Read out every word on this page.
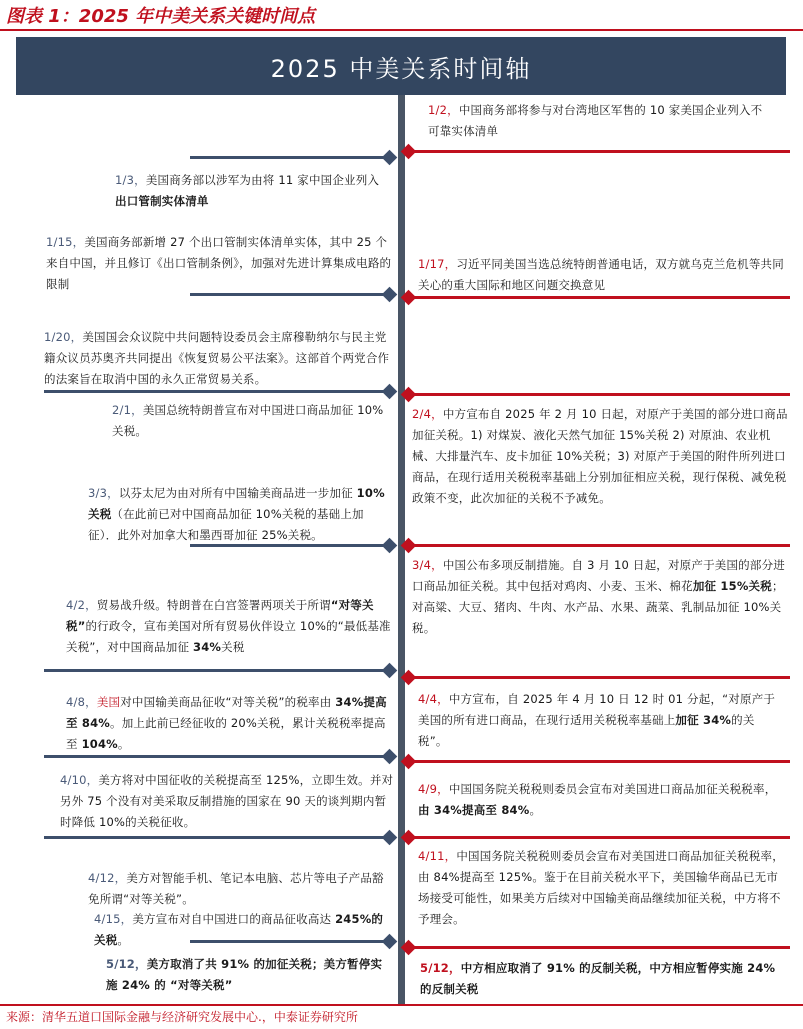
图表 1：2025 年中美关系关键时间点
2025 中美关系时间轴
1/2，中国商务部将参与对台湾地区军售的 10 家美国企业列入不可靠实体清单
1/17，习近平同美国当选总统特朗普通电话，双方就乌克兰危机等共同关心的重大国际和地区问题交换意见
2/4，中方宣布自 2025 年 2 月 10 日起，对原产于美国的部分进口商品加征关税。1) 对煤炭、液化天然气加征 15%关税 2) 对原油、农业机械、大排量汽车、皮卡加征 10%关税；3) 对原产于美国的附件所列进口商品，在现行适用关税税率基础上分别加征相应关税，现行保税、减免税政策不变，此次加征的关税不予减免。
3/4，中国公布多项反制措施。自 3 月 10 日起，对原产于美国的部分进口商品加征关税。其中包括对鸡肉、小麦、玉米、棉花加征 15%关税；对高粱、大豆、猪肉、牛肉、水产品、水果、蔬菜、乳制品加征 10%关税。
4/4，中方宣布，自 2025 年 4 月 10 日 12 时 01 分起，“对原产于美国的所有进口商品，在现行适用关税税率基础上加征 34%的关税”。
4/9，中国国务院关税税则委员会宣布对美国进口商品加征关税税率，由 34%提高至 84%。
4/11，中国国务院关税税则委员会宣布对美国进口商品加征关税税率，由 84%提高至 125%。鉴于在目前关税水平下，美国输华商品已无市场接受可能性，如果美方后续对中国输美商品继续加征关税，中方将不予理会。
5/12，中方相应取消了 91% 的反制关税，中方相应暂停实施 24% 的反制关税
1/3，美国商务部以涉军为由将 11 家中国企业列入出口管制实体清单
1/15，美国商务部新增 27 个出口管制实体清单实体，其中 25 个来自中国，并且修订《出口管制条例》，加强对先进计算集成电路的限制
1/20，美国国会众议院中共问题特设委员会主席穆勒纳尔与民主党籍众议员苏奥齐共同提出《恢复贸易公平法案》。这部首个两党合作的法案旨在取消中国的永久正常贸易关系。
2/1，美国总统特朗普宣布对中国进口商品加征 10%关税。
3/3，以芬太尼为由对所有中国输美商品进一步加征 10%关税（在此前已对中国商品加征 10%关税的基础上加征）．此外对加拿大和墨西哥加征 25%关税。
4/2，贸易战升级。特朗普在白宫签署两项关于所谓“对等关税”的行政令，宣布美国对所有贸易伙伴设立 10%的“最低基准关税”，对中国商品加征 34%关税
4/8，美国对中国输美商品征收“对等关税”的税率由 34%提高至 84%。加上此前已经征收的 20%关税，累计关税税率提高至 104%。
4/10，美方将对中国征收的关税提高至 125%，立即生效。并对另外 75 个没有对美采取反制措施的国家在 90 天的谈判期内暂时降低 10%的关税征收。
4/12，美方对智能手机、笔记本电脑、芯片等电子产品豁免所谓“对等关税”。
4/15，美方宣布对自中国进口的商品征收高达 245%的关税。
5/12，美方取消了共 91% 的加征关税；美方暂停实施 24% 的 “对等关税”
来源：清华五道口国际金融与经济研究发展中心.，中泰证券研究所
